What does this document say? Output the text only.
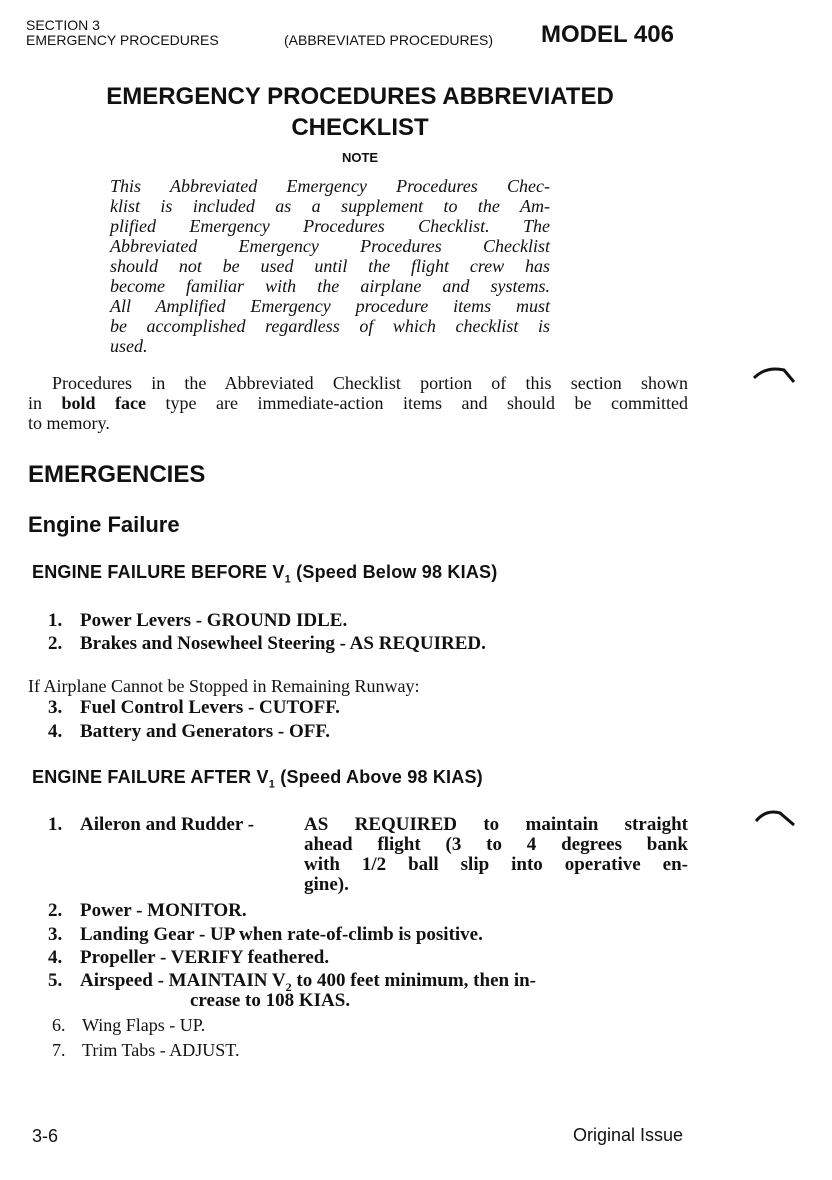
SECTION 3
EMERGENCY PROCEDURES	(ABBREVIATED PROCEDURES) MODEL 406
EMERGENCY PROCEDURES ABBREVIATED
CHECKLIST
NOTE
This Abbreviated Emergency Procedures Chec-
klist is included as a supplement to the Am-
plified Emergency Procedures Checklist. The
Abbreviated Emergency Procedures Checklist
should not be used until the flight crew has
become familiar with the airplane and systems.
All Amplified Emergency procedure items must
be accomplished regardless of which checklist is
used.
Procedures in the Abbreviated Checklist portion of this section shown
in bold face type are immediate-action items and should be committed
to memory.
EMERGENCIES
Engine Failure
ENGINE FAILURE BEFORE $V_1$ (Speed Below 98 KIAS)
1. Power Levers - GROUND IDLE.
2. Brakes and Nosewheel Steering - AS REQUIRED.
If Airplane Cannot be Stopped in Remaining Runway:
3. Fuel Control Levers - CUTOFF.
4. Battery and Generators - OFF.
ENGINE FAILURE AFTER $V_1$ (Speed Above 98 KIAS)
1. Aileron and Rudder -	AS REQUIRED to maintain straight
ahead flight (3 to 4 degrees bank
with 1/2 ball slip into operative en-
gine).
2. Power - MONITOR.
3. Landing Gear - UP when rate-of-climb is positive.
4. Propeller - VERIFY feathered.
5. Airspeed - MAINTAIN $V_2$ to 400 feet minimum, then in-
crease to 108 KIAS.
6. Wing Flaps - UP.
7. Trim Tabs - ADJUST.
3-6	Original Issue
